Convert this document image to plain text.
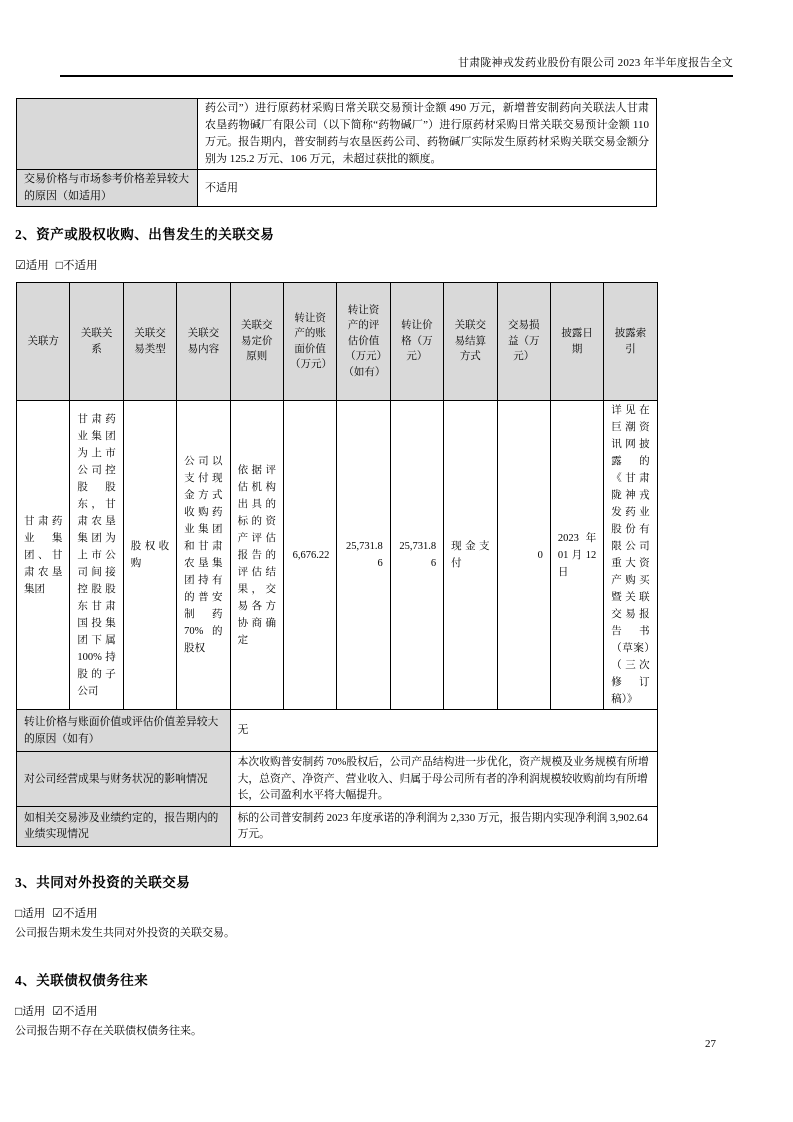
甘肃陇神戎发药业股份有限公司 2023 年半年度报告全文
	药公司”）进行原药材采购日常关联交易预计金额 490 万元，新增普安制药向关联法人甘肃农垦药物碱厂有限公司（以下简称“药物碱厂”）进行原药材采购日常关联交易预计金额 110 万元。报告期内，普安制药与农垦医药公司、药物碱厂实际发生原药材采购关联交易金额分别为 125.2 万元、106 万元，未超过获批的额度。
交易价格与市场参考价格差异较大的原因（如适用）	不适用
2、资产或股权收购、出售发生的关联交易
☑适用 □不适用
关联方	关联关系	关联交易类型	关联交易内容	关联交易定价原则	转让资产的账面价值（万元）	转让资产的评估价值（万元）（如有）	转让价格（万元）	关联交易结算方式	交易损益（万元）	披露日期	披露索引
甘肃药业集团、甘肃农垦集团	甘肃药业集团为上市公司控股股东，甘肃农垦集团为上市公司间接控股股东甘肃国投集团下属100%持股的子公司	股权收购	公司以支付现金方式收购药业集团和甘肃农垦集团持有的普安制药 70%的股权	依据评估机构出具的标的资产评估报告的评估结果，交易各方协商确定	6,676.22	25,731.86	25,731.86	现金支付	0	2023 年 01 月 12 日	详见在巨潮资讯网披露的《甘肃陇神戎发药业股份有限公司重大资产购买暨关联交易报告书（草案）（三次修订稿）》
转让价格与账面价值或评估价值差异较大的原因（如有）				无							
对公司经营成果与财务状况的影响情况				本次收购普安制药 70%股权后，公司产品结构进一步优化，资产规模及业务规模有所增大，总资产、净资产、营业收入、归属于母公司所有者的净利润规模较收购前均有所增长，公司盈利水平将大幅提升。							
如相关交易涉及业绩约定的，报告期内的业绩实现情况				标的公司普安制药 2023 年度承诺的净利润为 2,330 万元，报告期内实现净利润 3,902.64 万元。							
3、共同对外投资的关联交易
□适用 ☑不适用
公司报告期未发生共同对外投资的关联交易。
4、关联债权债务往来
□适用 ☑不适用
公司报告期不存在关联债权债务往来。
27
